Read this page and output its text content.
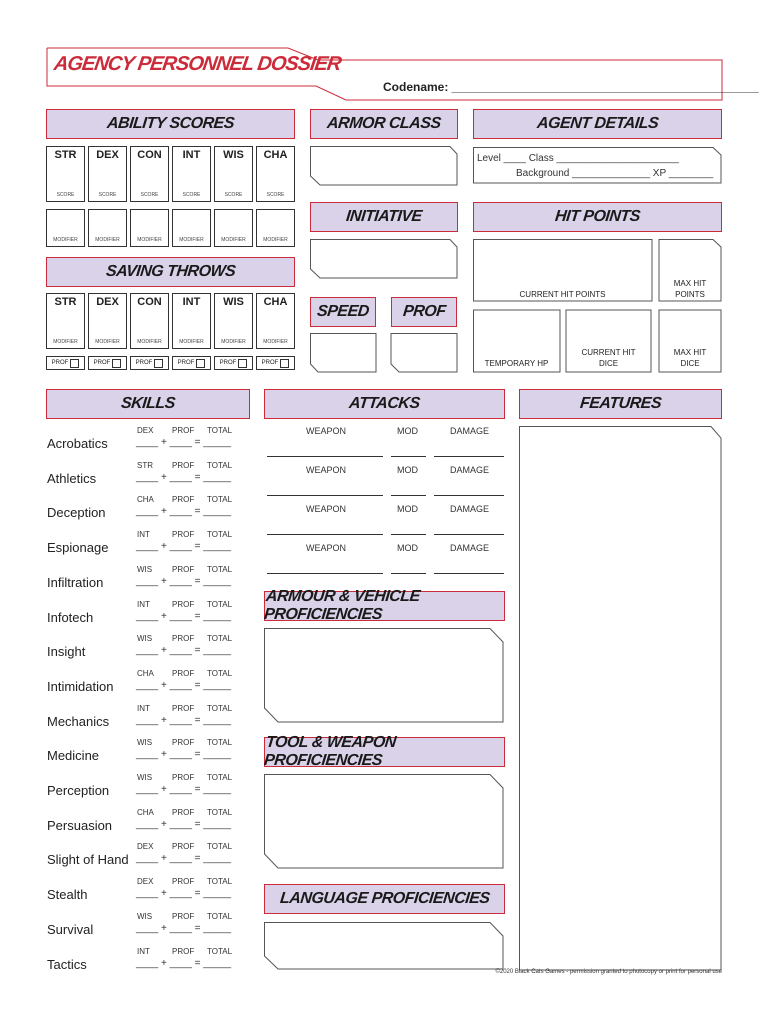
AGENCY PERSONNEL DOSSIER
Codename: ______________________________________________
ABILITY SCORES
STR
SCORE
MODIFIER
DEX
SCORE
MODIFIER
CON
SCORE
MODIFIER
INT
SCORE
MODIFIER
WIS
SCORE
MODIFIER
CHA
SCORE
MODIFIER
ARMOR CLASS	AGENT DETAILS
Level ____ Class ______________________
Background ______________ XP ________
INITIATIVE	HIT POINTS
CURRENT HIT POINTS
MAX HIT
POINTS
TEMPORARY HP
CURRENT HIT
DICE
MAX HIT
DICE
SAVING THROWS
STR
MODIFIER
PROF
DEX
MODIFIER
PROF
CON
MODIFIER
PROF
INT
MODIFIER
PROF
WIS
MODIFIER
PROF
CHA
MODIFIER
PROF
SPEED PROF
SKILLS
Acrobatics
DEX PROF TOTAL
____ + ____ = _____
Athletics
STR PROF TOTAL
____ + ____ = _____
Deception
CHA PROF TOTAL
____ + ____ = _____
Espionage
INT	PROF TOTAL
____ + ____ = _____
Infiltration
WIS PROF TOTAL
____ + ____ = _____
Infotech
INT	PROF TOTAL
____ + ____ = _____
Insight
WIS PROF TOTAL
____ + ____ = _____
Intimidation
CHA PROF TOTAL
____ + ____ = _____
Mechanics
INT	PROF TOTAL
____ + ____ = _____
Medicine
WIS PROF TOTAL
____ + ____ = _____
Perception
WIS PROF TOTAL
____ + ____ = _____
Persuasion
CHA PROF TOTAL
____ + ____ = _____
Slight of Hand
DEX PROF TOTAL
____ + ____ = _____
Stealth
DEX PROF TOTAL
____ + ____ = _____
Survival
WIS PROF TOTAL
____ + ____ = _____
Tactics
INT	PROF TOTAL
____ + ____ = _____
ATTACKS
WEAPON	MOD	DAMAGE
WEAPON	MOD	DAMAGE
WEAPON	MOD	DAMAGE
WEAPON	MOD	DAMAGE
FEATURES
ARMOUR & VEHICLE PROFICIENCIES
TOOL & WEAPON PROFICIENCIES
LANGUAGE PROFICIENCIES
©2020 Black Cats Games - permission granted to photocopy or print for personal use
